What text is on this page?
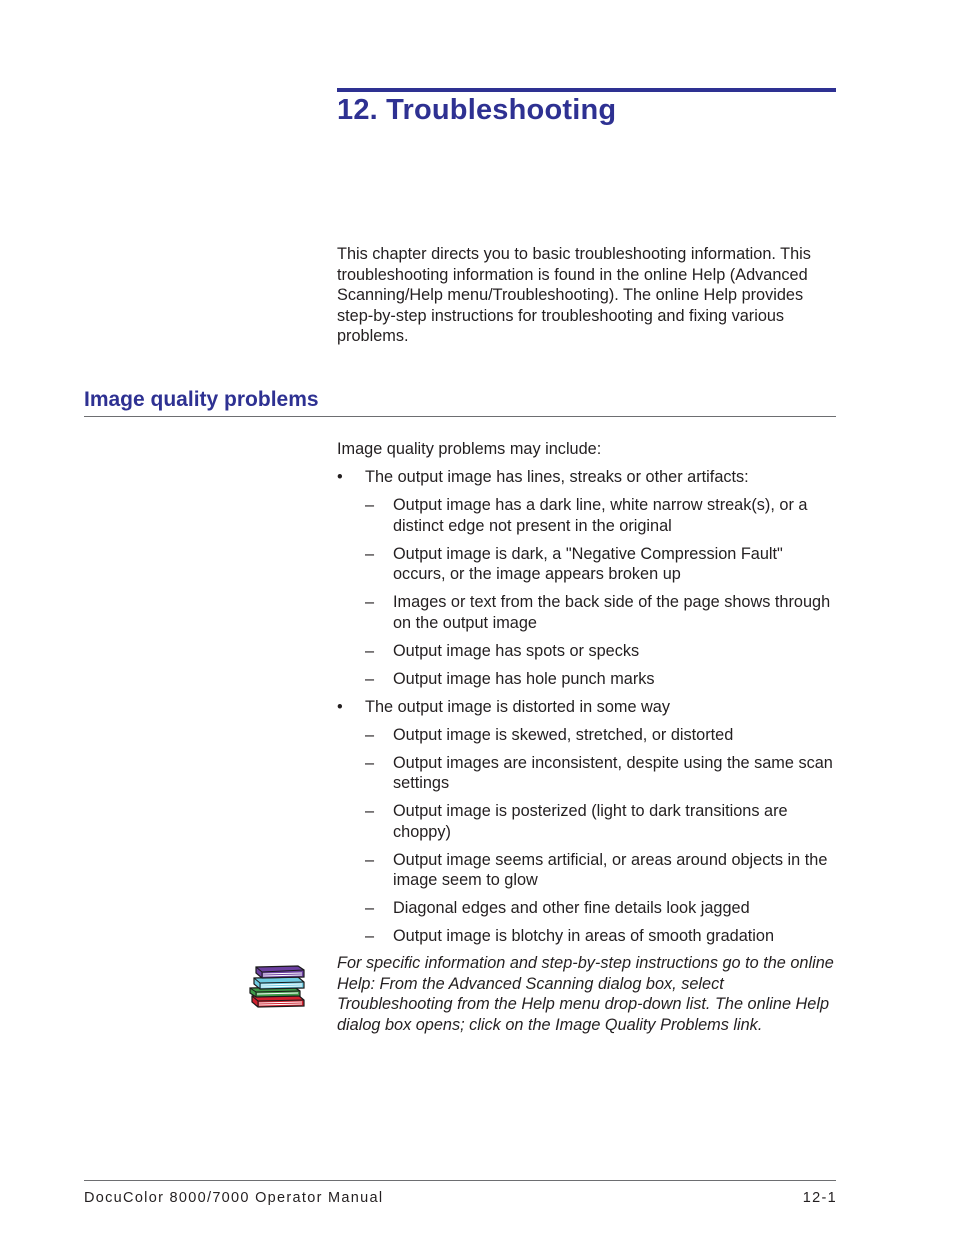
12. Troubleshooting

This chapter directs you to basic troubleshooting information. This troubleshooting information is found in the online Help (Advanced Scanning/Help menu/Troubleshooting). The online Help provides step-by-step instructions for troubleshooting and fixing various problems.

Image quality problems

Image quality problems may include:

• The output image has lines, streaks or other artifacts:
– Output image has a dark line, white narrow streak(s), or a distinct edge not present in the original
– Output image is dark, a "Negative Compression Fault" occurs, or the image appears broken up
– Images or text from the back side of the page shows through on the output image
– Output image has spots or specks
– Output image has hole punch marks
• The output image is distorted in some way
– Output image is skewed, stretched, or distorted
– Output images are inconsistent, despite using the same scan settings
– Output image is posterized (light to dark transitions are choppy)
– Output image seems artificial, or areas around objects in the image seem to glow
– Diagonal edges and other fine details look jagged
– Output image is blotchy in areas of smooth gradation

For specific information and step-by-step instructions go to the online Help: From the Advanced Scanning dialog box, select Troubleshooting from the Help menu drop-down list. The online Help dialog box opens; click on the Image Quality Problems link.

DocuColor 8000/7000 Operator Manual	12-1
